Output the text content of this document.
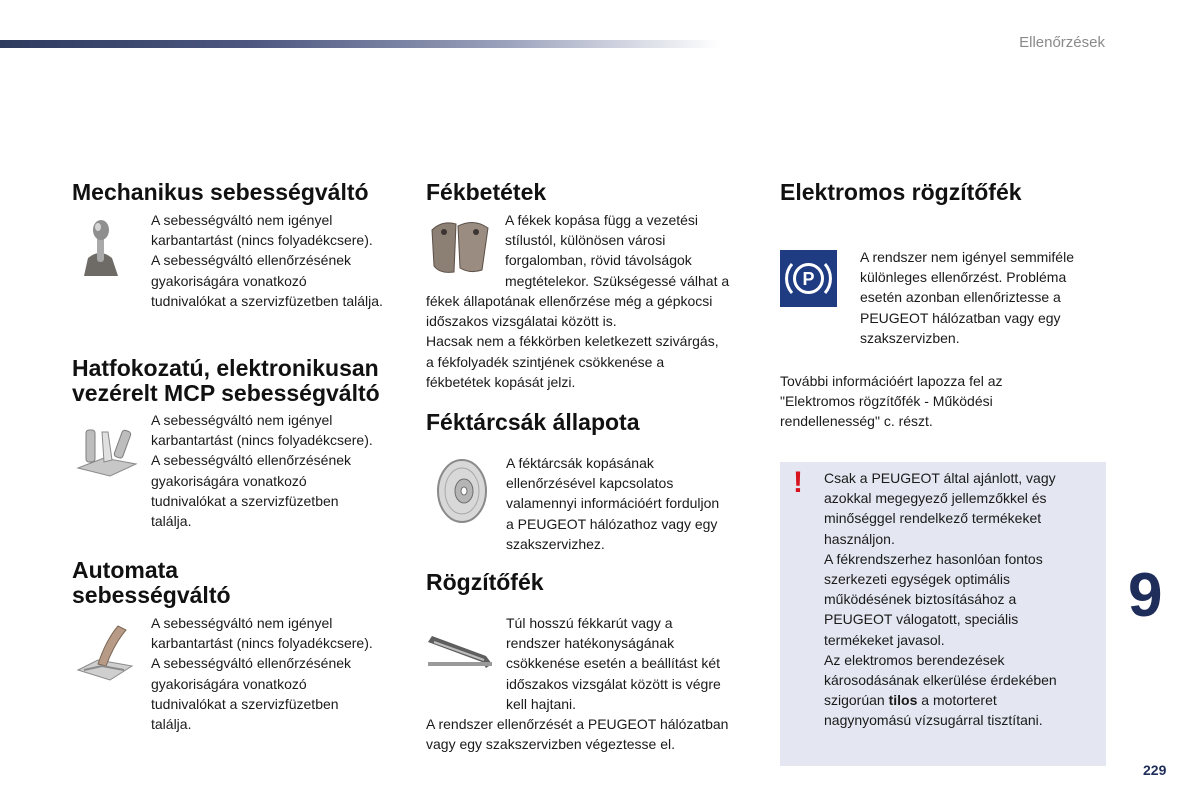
Ellenőrzések
Mechanikus sebességváltó
A sebességváltó nem igényel
karbantartást (nincs folyadékcsere).
A sebességváltó ellenőrzésének
gyakoriságára vonatkozó
tudnivalókat a szervizfüzetben találja.
Hatfokozatú, elektronikusan
vezérelt MCP sebességváltó
A sebességváltó nem igényel
karbantartást (nincs folyadékcsere).
A sebességváltó ellenőrzésének
gyakoriságára vonatkozó
tudnivalókat a szervizfüzetben
találja.
Automata
sebességváltó
A sebességváltó nem igényel
karbantartást (nincs folyadékcsere).
A sebességváltó ellenőrzésének
gyakoriságára vonatkozó
tudnivalókat a szervizfüzetben
találja.
Fékbetétek
A fékek kopása függ a vezetési
stílustól, különösen városi
forgalomban, rövid távolságok
megtételekor. Szükségessé válhat a
fékek állapotának ellenőrzése még a gépkocsi
időszakos vizsgálatai között is.
Hacsak nem a fékkörben keletkezett szivárgás,
a fékfolyadék szintjének csökkenése a
fékbetétek kopását jelzi.
Féktárcsák állapota
A féktárcsák kopásának
ellenőrzésével kapcsolatos
valamennyi információért forduljon
a PEUGEOT hálózathoz vagy egy
szakszervizhez.
Rögzítőfék
Túl hosszú fékkarút vagy a
rendszer hatékonyságának
csökkenése esetén a beállítást két
időszakos vizsgálat között is végre
kell hajtani.
A rendszer ellenőrzését a PEUGEOT hálózatban
vagy egy szakszervizben végeztesse el.
Elektromos rögzítőfék
P
A rendszer nem igényel semmiféle
különleges ellenőrzést. Probléma
esetén azonban ellenőriztesse a
PEUGEOT hálózatban vagy egy
szakszervizben.
További információért lapozza fel az
"Elektromos rögzítőfék - Működési
rendellenesség" c. részt.
! Csak a PEUGEOT által ajánlott, vagy
azokkal megegyező jellemzőkkel és
minőséggel rendelkező termékeket
használjon.
A fékrendszerhez hasonlóan fontos
szerkezeti egységek optimális
működésének biztosításához a
PEUGEOT válogatott, speciális
termékeket javasol.
Az elektromos berendezések
károsodásának elkerülése érdekében
szigorúan tilos a motorteret
nagynyomású vízsugárral tisztítani.
9
229
